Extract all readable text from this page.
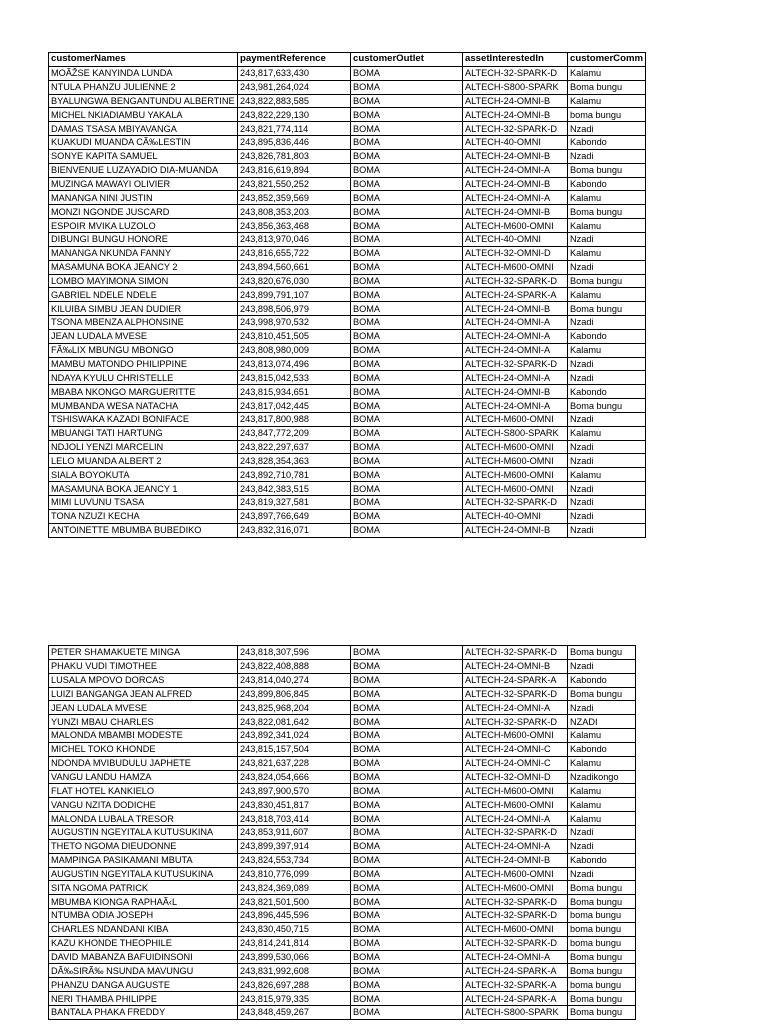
customerNames	paymentReference	customerOutlet	assetInterestedIn	customerComm
MOÃŽSE KANYINDA LUNDA	243,817,633,430	BOMA	ALTECH-32-SPARK-D	Kalamu
NTULA PHANZU JULIENNE 2	243,981,264,024	BOMA	ALTECH-S800-SPARK	Boma bungu
BYALUNGWA BENGANTUNDU ALBERTINE	243,822,883,585	BOMA	ALTECH-24-OMNI-B	Kalamu
MICHEL NKIADIAMBU YAKALA	243,822,229,130	BOMA	ALTECH-24-OMNI-B	boma bungu
DAMAS TSASA MBIYAVANGA	243,821,774,114	BOMA	ALTECH-32-SPARK-D	Nzadi
KUAKUDI MUANDA CÃ‰LESTIN	243,895,836,446	BOMA	ALTECH-40-OMNI	Kabondo
SONYE KAPITA SAMUEL	243,826,781,803	BOMA	ALTECH-24-OMNI-B	Nzadi
BIENVENUE LUZAYADIO DIA-MUANDA	243,816,619,894	BOMA	ALTECH-24-OMNI-A	Boma bungu
MUZINGA MAWAYI OLIVIER	243,821,550,252	BOMA	ALTECH-24-OMNI-B	Kabondo
MANANGA NINI JUSTIN	243,852,359,569	BOMA	ALTECH-24-OMNI-A	Kalamu
MONZI NGONDE JUSCARD	243,808,353,203	BOMA	ALTECH-24-OMNI-B	Boma bungu
ESPOIR MVIKA LUZOLO	243,856,363,468	BOMA	ALTECH-M600-OMNI	Kalamu
DIBUNGI BUNGU HONORE	243,813,970,046	BOMA	ALTECH-40-OMNI	Nzadi
MANANGA NKUNDA FANNY	243,816,655,722	BOMA	ALTECH-32-OMNI-D	Kalamu
MASAMUNA BOKA JEANCY 2	243,894,560,661	BOMA	ALTECH-M600-OMNI	Nzadi
LOMBO MAYIMONA SIMON	243,820,676,030	BOMA	ALTECH-32-SPARK-D	Boma bungu
GABRIEL NDELE NDELE	243,899,791,107	BOMA	ALTECH-24-SPARK-A	Kalamu
KILUIBA SIMBU JEAN DUDIER	243,898,506,979	BOMA	ALTECH-24-OMNI-B	Boma bungu
TSONA MBENZA ALPHONSINE	243,998,970,532	BOMA	ALTECH-24-OMNI-A	Nzadi
JEAN LUDALA MVESE	243,810,451,505	BOMA	ALTECH-24-OMNI-A	Kabondo
FÃ‰LIX MBUNGU MBONGO	243,808,980,009	BOMA	ALTECH-24-OMNI-A	Kalamu
MAMBU MATONDO PHILIPPINE	243,813,074,496	BOMA	ALTECH-32-SPARK-D	Nzadi
NDAYA KYULU CHRISTELLE	243,815,042,533	BOMA	ALTECH-24-OMNI-A	Nzadi
MBABA NKONGO MARGUERITTE	243,815,934,651	BOMA	ALTECH-24-OMNI-B	Kabondo
MUMBANDA WESA NATACHA	243,817,042,445	BOMA	ALTECH-24-OMNI-A	Boma bungu
TSHISWAKA KAZADI BONIFACE	243,817,800,988	BOMA	ALTECH-M600-OMNI	Nzadi
MBUANGI TATI HARTUNG	243,847,772,209	BOMA	ALTECH-S800-SPARK	Kalamu
NDJOLI YENZI MARCELIN	243,822,297,637	BOMA	ALTECH-M600-OMNI	Nzadi
LELO MUANDA ALBERT 2	243,828,354,363	BOMA	ALTECH-M600-OMNI	Nzadi
SIALA BOYOKUTA	243,892,710,781	BOMA	ALTECH-M600-OMNI	Kalamu
MASAMUNA BOKA JEANCY 1	243,842,383,515	BOMA	ALTECH-M600-OMNI	Nzadi
MIMI LUVUNU TSASA	243,819,327,581	BOMA	ALTECH-32-SPARK-D	Nzadi
TONA NZUZI KECHA	243,897,766,649	BOMA	ALTECH-40-OMNI	Nzadi
ANTOINETTE MBUMBA BUBEDIKO	243,832,316,071	BOMA	ALTECH-24-OMNI-B	Nzadi
PETER SHAMAKUETE MINGA	243,818,307,596	BOMA	ALTECH-32-SPARK-D	Boma bungu
PHAKU VUDI TIMOTHEE	243,822,408,888	BOMA	ALTECH-24-OMNI-B	Nzadi
LUSALA MPOVO DORCAS	243,814,040,274	BOMA	ALTECH-24-SPARK-A	Kabondo
LUIZI BANGANGA JEAN ALFRED	243,899,806,845	BOMA	ALTECH-32-SPARK-D	Boma bungu
JEAN LUDALA MVESE	243,825,968,204	BOMA	ALTECH-24-OMNI-A	Nzadi
YUNZI MBAU CHARLES	243,822,081,642	BOMA	ALTECH-32-SPARK-D	NZADI
MALONDA MBAMBI MODESTE	243,892,341,024	BOMA	ALTECH-M600-OMNI	Kalamu
MICHEL TOKO KHONDE	243,815,157,504	BOMA	ALTECH-24-OMNI-C	Kabondo
NDONDA MVIBUDULU JAPHETE	243,821,637,228	BOMA	ALTECH-24-OMNI-C	Kalamu
VANGU LANDU HAMZA	243,824,054,666	BOMA	ALTECH-32-OMNI-D	Nzadikongo
FLAT HOTEL KANKIELO	243,897,900,570	BOMA	ALTECH-M600-OMNI	Kalamu
VANGU NZITA DODICHE	243,830,451,817	BOMA	ALTECH-M600-OMNI	Kalamu
MALONDA LUBALA TRESOR	243,818,703,414	BOMA	ALTECH-24-OMNI-A	Kalamu
AUGUSTIN NGEYITALA KUTUSUKINA	243,853,911,607	BOMA	ALTECH-32-SPARK-D	Nzadi
THETO NGOMA DIEUDONNE	243,899,397,914	BOMA	ALTECH-24-OMNI-A	Nzadi
MAMPINGA PASIKAMANI MBUTA	243,824,553,734	BOMA	ALTECH-24-OMNI-B	Kabondo
AUGUSTIN NGEYITALA KUTUSUKINA	243,810,776,099	BOMA	ALTECH-M600-OMNI	Nzadi
SITA NGOMA PATRICK	243,824,369,089	BOMA	ALTECH-M600-OMNI	Boma bungu
MBUMBA KIONGA RAPHAÃ‹L	243,821,501,500	BOMA	ALTECH-32-SPARK-D	Boma bungu
NTUMBA ODIA JOSEPH	243,896,445,596	BOMA	ALTECH-32-SPARK-D	boma bungu
CHARLES NDANDANI KIBA	243,830,450,715	BOMA	ALTECH-M600-OMNI	boma bungu
KAZU KHONDE THEOPHILE	243,814,241,814	BOMA	ALTECH-32-SPARK-D	boma bungu
DAVID MABANZA BAFUIDINSONI	243,899,530,066	BOMA	ALTECH-24-OMNI-A	Boma bungu
DÃ‰SIRÃ‰ NSUNDA MAVUNGU	243,831,992,608	BOMA	ALTECH-24-SPARK-A	Boma bungu
PHANZU DANGA AUGUSTE	243,826,697,288	BOMA	ALTECH-32-SPARK-A	boma bungu
NERI THAMBA PHILIPPE	243,815,979,335	BOMA	ALTECH-24-SPARK-A	Boma bungu
BANTALA PHAKA FREDDY	243,848,459,267	BOMA	ALTECH-S800-SPARK	Boma bungu
